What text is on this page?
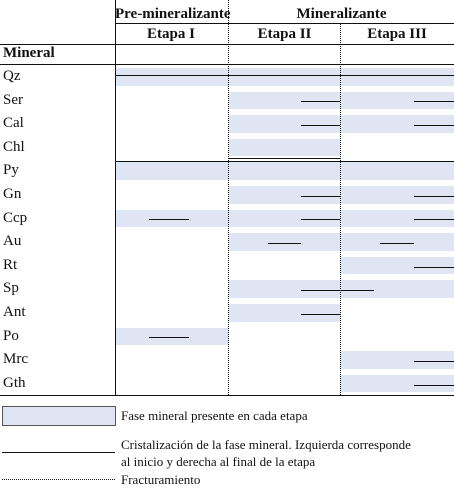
Pre-mineralizante	Mineralizante
Etapa I	Etapa II	Etapa III
Mineral
Qz
Ser
Cal
Chl
Py
Gn
Ccp
Au
Rt
Sp
Ant
Po
Mrc
Gth
Fase mineral presente en cada etapa
Cristalización de la fase mineral. Izquierda corresponde
al inicio y derecha al final de la etapa
Fracturamiento
